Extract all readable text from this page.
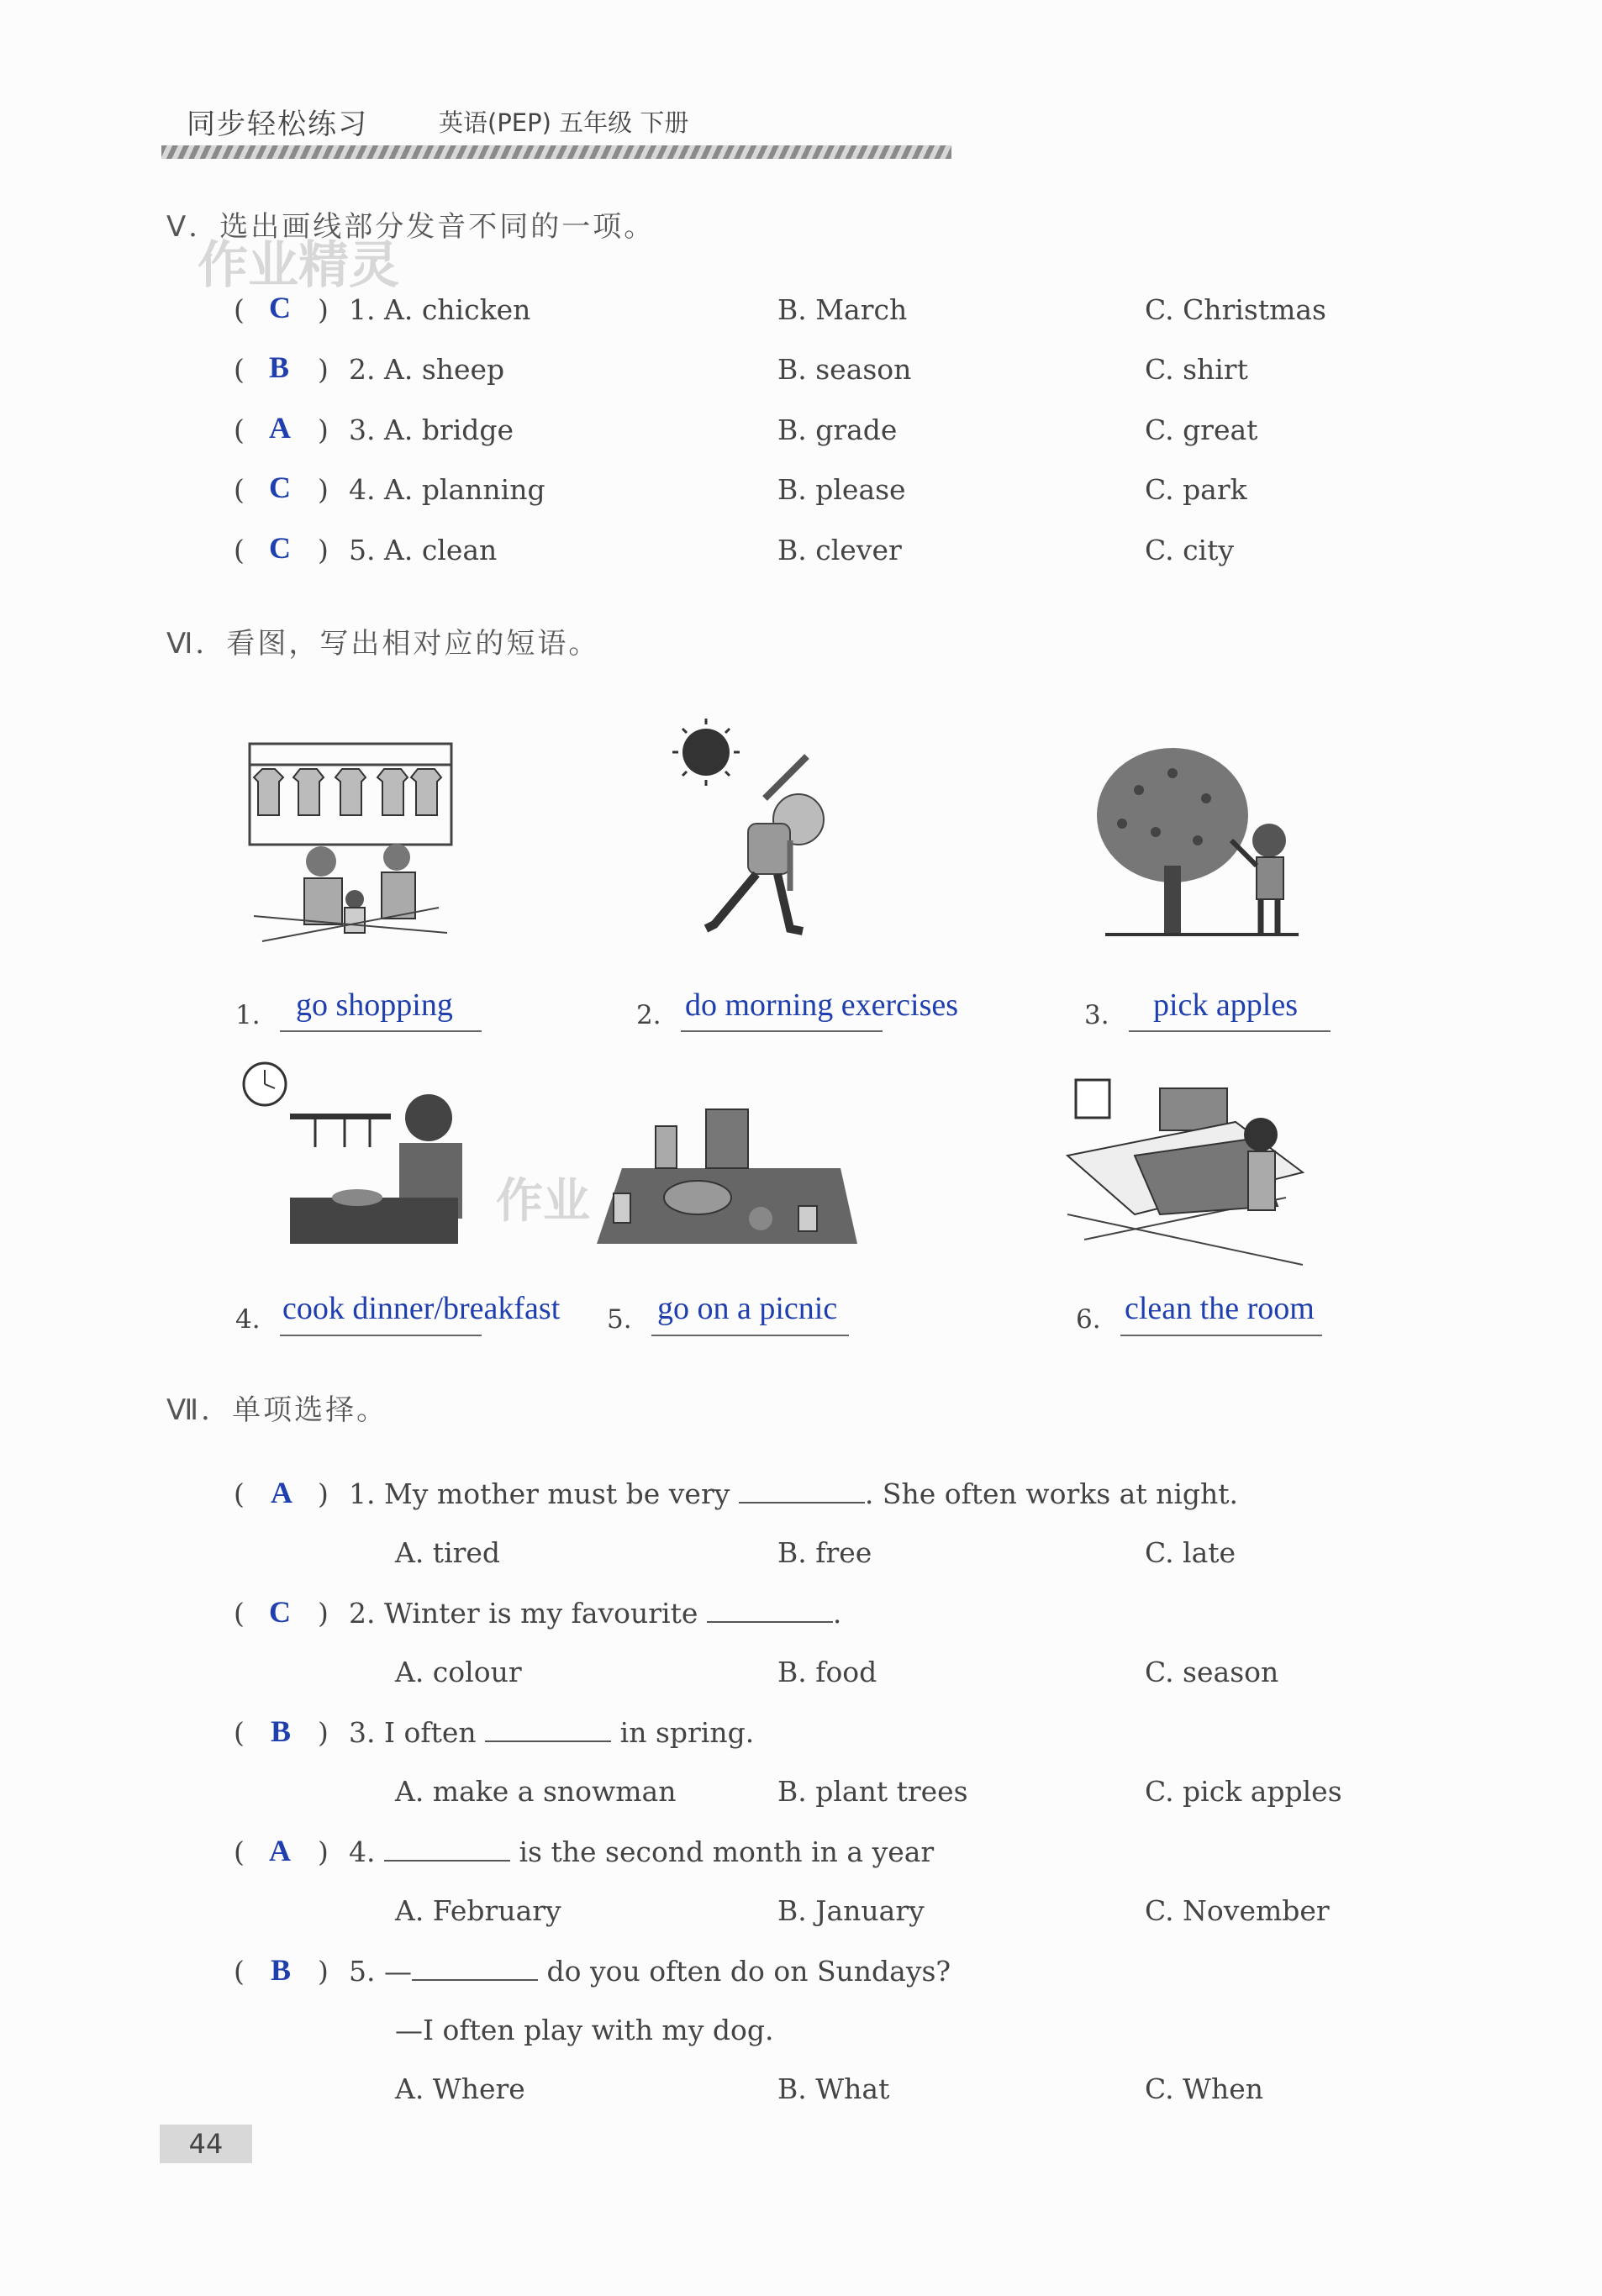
同步轻松练习	英语(PEP) 五年级 下册
作业精灵
V．选出画线部分发音不同的一项。
( C ) 1. A. chicken	B. March	C. Christmas
( B ) 2. A. sheep	B. season	C. shirt
( A ) 3. A. bridge	B. grade	C. great
( C ) 4. A. planning	B. please	C. park
( C ) 5. A. clean	B. clever	C. city
Ⅵ．看图，写出相对应的短语。
1. go shopping	2. do morning exercises	3. pick apples
作业
4. cook dinner/breakfast 5. go on a picnic	6. clean the room
Ⅶ．单项选择。
( A ) 1. My mother must be very	. She often works at night.
A. tired	B. free	C. late
( C ) 2. Winter is my favourite	.
A. colour	B. food	C. season
( B ) 3. I often	in spring.
A. make a snowman	B. plant trees	C. pick apples
( A ) 4.	is the second month in a year
A. February	B. January	C. November
( B ) 5. —	do you often do on Sundays?
—I often play with my dog.
A. Where	B. What	C. When
44
